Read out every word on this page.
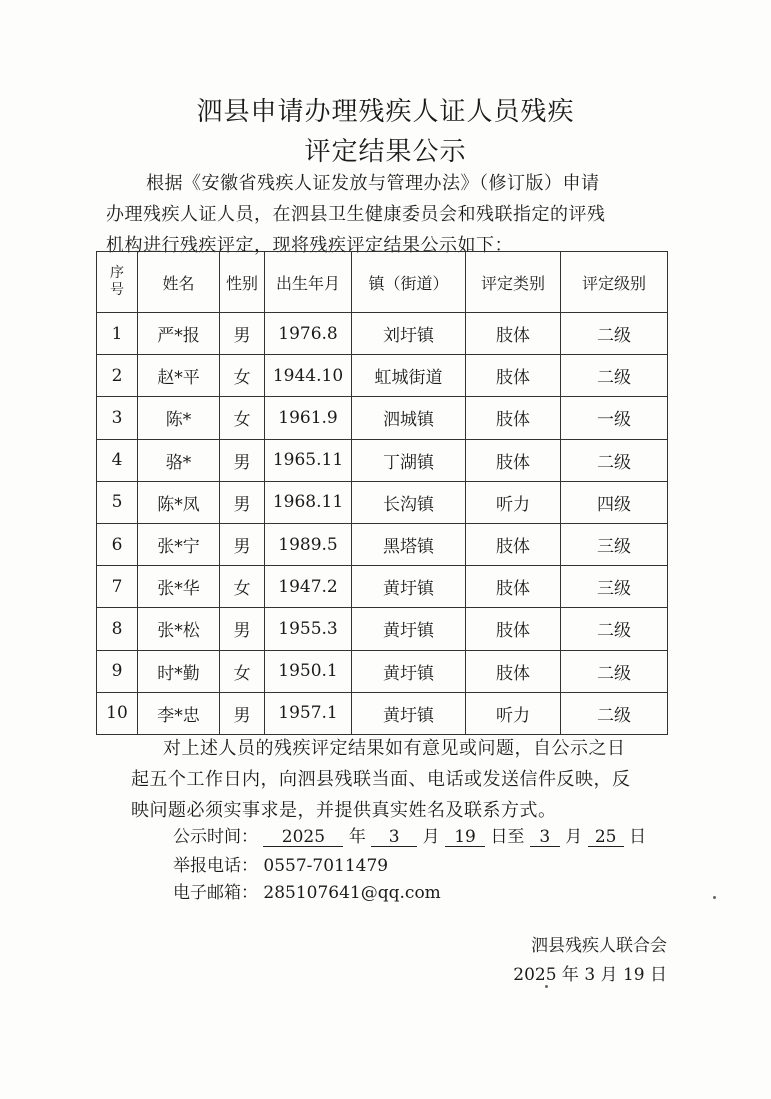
泗县申请办理残疾人证人员残疾
评定结果公示
根据《安徽省残疾人证发放与管理办法》（修订版）申请
办理残疾人证人员，在泗县卫生健康委员会和残联指定的评残
机构进行残疾评定，现将残疾评定结果公示如下：
序
号	姓名	性别	出生年月	镇（街道）	评定类别	评定级别
1	严*报	男	1976.8	刘圩镇	肢体	二级
2	赵*平	女	1944.10	虹城街道	肢体	二级
3	陈*	女	1961.9	泗城镇	肢体	一级
4	骆*	男	1965.11	丁湖镇	肢体	二级
5	陈*凤	男	1968.11	长沟镇	听力	四级
6	张*宁	男	1989.5	黑塔镇	肢体	三级
7	张*华	女	1947.2	黄圩镇	肢体	三级
8	张*松	男	1955.3	黄圩镇	肢体	二级
9	时*勤	女	1950.1	黄圩镇	肢体	二级
10	李*忠	男	1957.1	黄圩镇	听力	二级
对上述人员的残疾评定结果如有意见或问题，自公示之日
起五个工作日内，向泗县残联当面、电话或发送信件反映，反
映问题必须实事求是，并提供真实姓名及联系方式。
公示时间： 2025 年 3 月 19 日至 3 月 25 日
举报电话： 0557-7011479
电子邮箱： 285107641@qq.com
泗县残疾人联合会
2025 年 3 月 19 日
